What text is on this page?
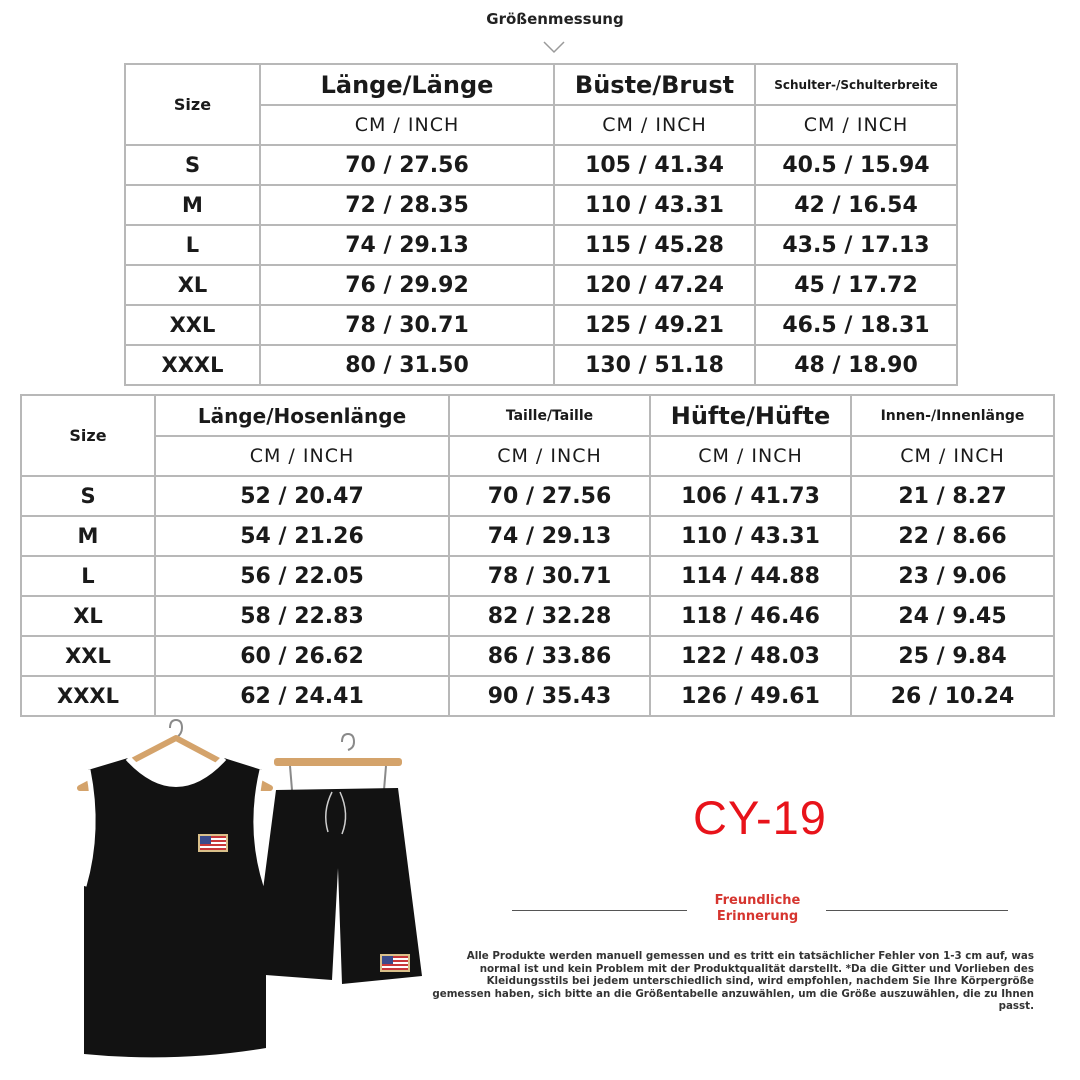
Größenmessung
Size	Länge/Länge	Büste/Brust	Schulter-/Schulterbreite
	CM / INCH	CM / INCH	CM / INCH
S	70 / 27.56	105 / 41.34	40.5 / 15.94
M	72 / 28.35	110 / 43.31	42 / 16.54
L	74 / 29.13	115 / 45.28	43.5 / 17.13
XL	76 / 29.92	120 / 47.24	45 / 17.72
XXL	78 / 30.71	125 / 49.21	46.5 / 18.31
XXXL	80 / 31.50	130 / 51.18	48 / 18.90
Size	Länge/Hosenlänge	Taille/Taille	Hüfte/Hüfte	Innen-/Innenlänge
	CM / INCH	CM / INCH	CM / INCH	CM / INCH
S	52 / 20.47	70 / 27.56	106 / 41.73	21 / 8.27
M	54 / 21.26	74 / 29.13	110 / 43.31	22 / 8.66
L	56 / 22.05	78 / 30.71	114 / 44.88	23 / 9.06
XL	58 / 22.83	82 / 32.28	118 / 46.46	24 / 9.45
XXL	60 / 26.62	86 / 33.86	122 / 48.03	25 / 9.84
XXXL	62 / 24.41	90 / 35.43	126 / 49.61	26 / 10.24
CY-19
Freundliche
Erinnerung
Alle Produkte werden manuell gemessen und es tritt ein tatsächlicher Fehler von 1-3 cm auf, was normal ist und kein Problem mit der Produktqualität darstellt. *Da die Gitter und Vorlieben des Kleidungsstils bei jedem unterschiedlich sind, wird empfohlen, nachdem Sie Ihre Körpergröße gemessen haben, sich bitte an die Größentabelle anzuwählen, um die Größe auszuwählen, die zu Ihnen passt.
